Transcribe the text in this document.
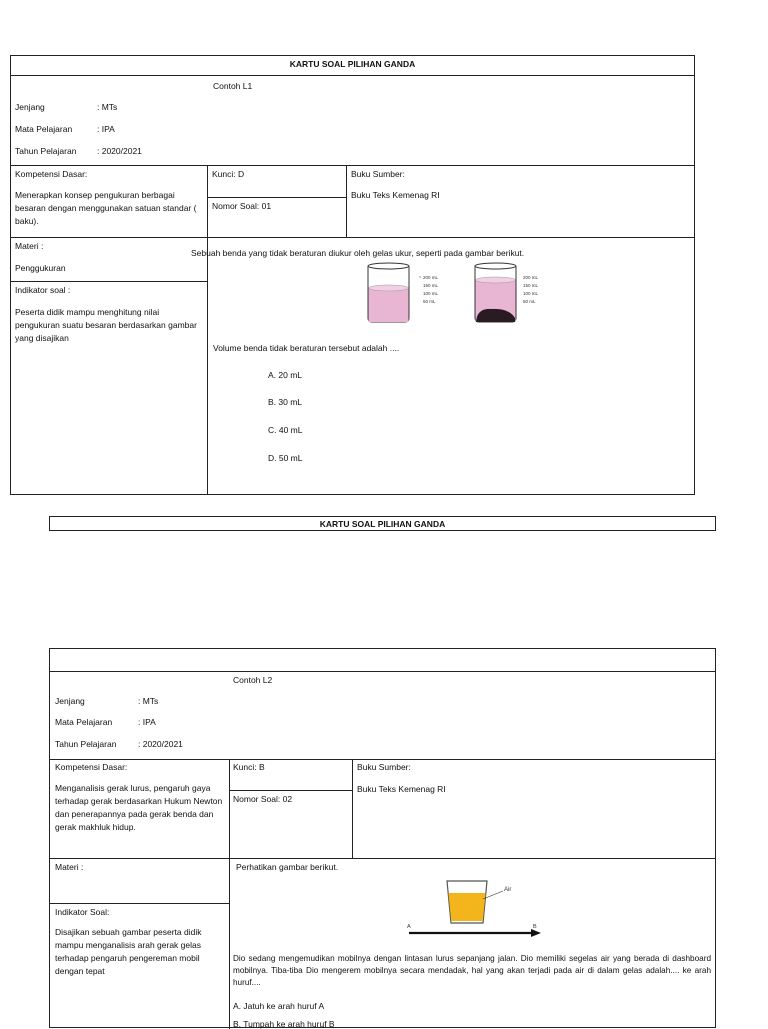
KARTU SOAL PILIHAN GANDA
Contoh L1
Jenjang	: MTs
Mata Pelajaran	: IPA
Tahun Pelajaran : 2020/2021
Kompetensi Dasar:
Menerapkan konsep pengukuran berbagai besaran dengan menggunakan satuan standar ( baku).
Kunci: D
Nomor Soal: 01
Buku Sumber:
Buku Teks Kemenag RI
Materi :
Penggukuran
Indikator soal :
Peserta didik mampu menghitung nilai pengukuran suatu besaran berdasarkan gambar yang disajikan
Sebuah benda yang tidak beraturan diukur oleh gelas ukur, seperti pada gambar berikut.
200 mL
150 mL
100 mL
50 mL
200 mL
150 mL
100 mL
50 mL
Volume benda tidak beraturan tersebut adalah ....
A. 20 mL
B. 30 mL
C. 40 mL
D. 50 mL
KARTU SOAL PILIHAN GANDA
Contoh L2
Jenjang	: MTs
Mata Pelajaran	: IPA
Tahun Pelajaran	: 2020/2021
Kompetensi Dasar:
Menganalisis gerak lurus, pengaruh gaya terhadap gerak berdasarkan Hukum Newton dan penerapannya pada gerak benda dan gerak makhluk hidup.
Kunci: B
Nomor Soal: 02
Buku Sumber:
Buku Teks Kemenag RI
Materi :
Indikator Soal:
Disajikan sebuah gambar peserta didik mampu menganalisis arah gerak gelas terhadap pengaruh pengereman mobil dengan tepat
Perhatikan gambar berikut.
Air
A	B
Dio sedang mengemudikan mobilnya dengan lintasan lurus sepanjang jalan. Dio memiliki segelas air yang berada di dashboard mobilnya. Tiba-tiba Dio mengerem mobilnya secara mendadak, hal yang akan terjadi pada air di dalam gelas adalah.... ke arah huruf....
A. Jatuh ke arah huruf A
B. Tumpah ke arah huruf B
